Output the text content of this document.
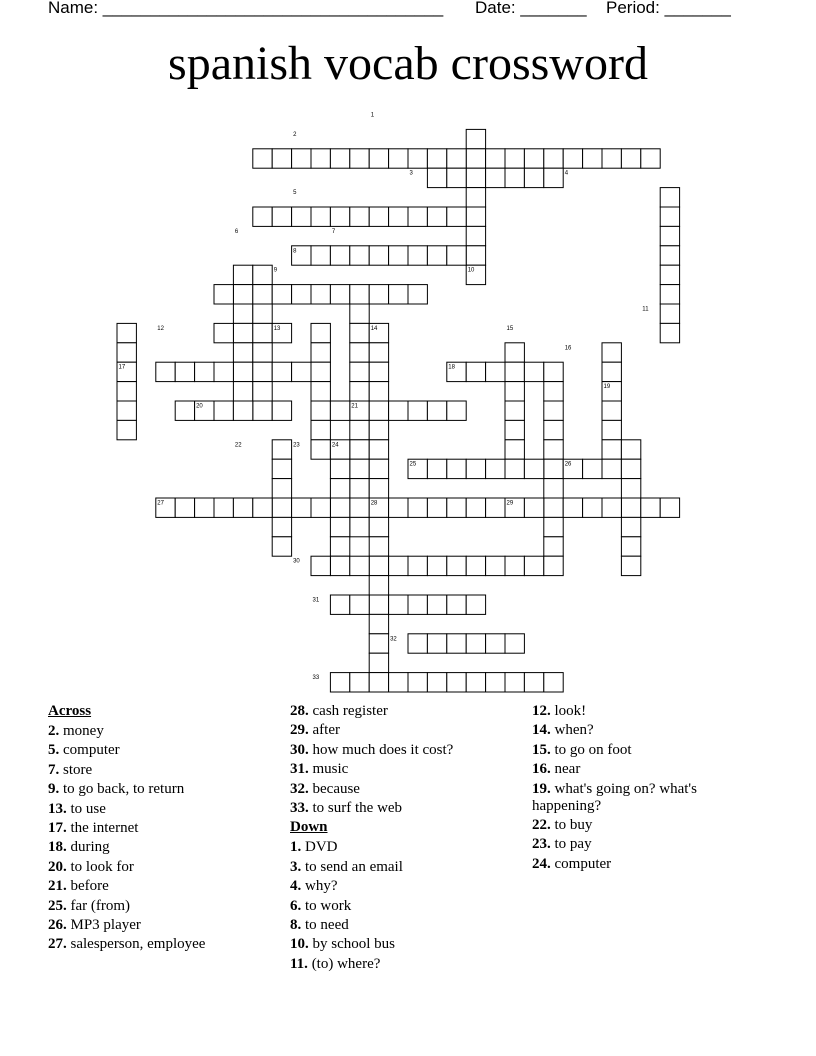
Name: ____________________________________ Date: _______ Period: _______
spanish vocab crossword
1
2
3	4
5
6	7
8
9	10
11
12	13	14	15
16
17	18
19
20	21
22	23	24
25	26
27	28	29
30
31
32
33
Across
2. money
5. computer
7. store
9. to go back, to return
13. to use
17. the internet
18. during
20. to look for
21. before
25. far (from)
26. MP3 player
27. salesperson, employee
28. cash register
29. after
30. how much does it cost?
31. music
32. because
33. to surf the web
Down
1. DVD
3. to send an email
4. why?
6. to work
8. to need
10. by school bus
11. (to) where?
12. look!
14. when?
15. to go on foot
16. near
19. what's going on? what's happening?
22. to buy
23. to pay
24. computer
